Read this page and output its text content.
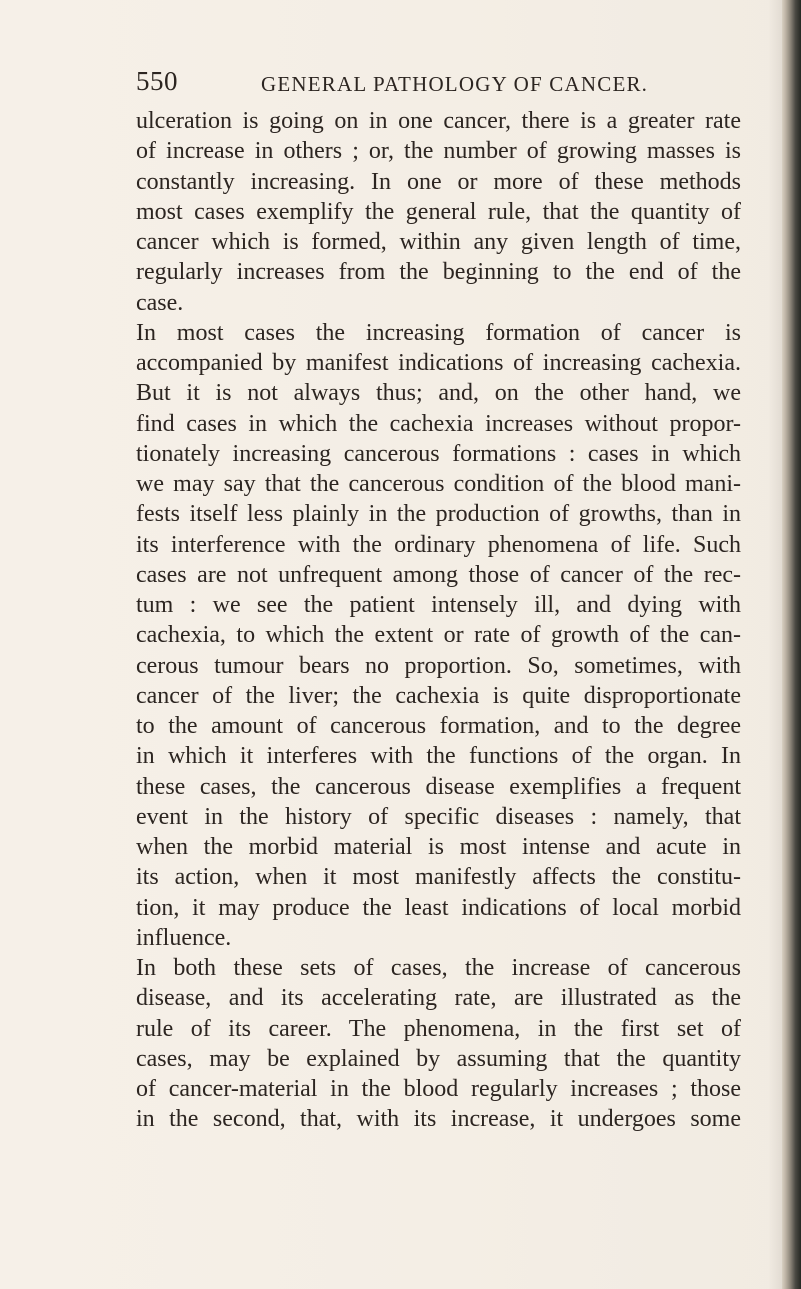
550	GENERAL PATHOLOGY OF CANCER.
ulceration is going on in one cancer, there is a greater rate
of increase in others ; or, the number of growing masses is
constantly increasing. In one or more of these methods
most cases exemplify the general rule, that the quantity of
cancer which is formed, within any given length of time,
regularly increases from the beginning to the end of the
case.
In most cases the increasing formation of cancer is
accompanied by manifest indications of increasing cachexia.
But it is not always thus; and, on the other hand, we
find cases in which the cachexia increases without propor-
tionately increasing cancerous formations : cases in which
we may say that the cancerous condition of the blood mani-
fests itself less plainly in the production of growths, than in
its interference with the ordinary phenomena of life. Such
cases are not unfrequent among those of cancer of the rec-
tum : we see the patient intensely ill, and dying with
cachexia, to which the extent or rate of growth of the can-
cerous tumour bears no proportion. So, sometimes, with
cancer of the liver; the cachexia is quite disproportionate
to the amount of cancerous formation, and to the degree
in which it interferes with the functions of the organ. In
these cases, the cancerous disease exemplifies a frequent
event in the history of specific diseases : namely, that
when the morbid material is most intense and acute in
its action, when it most manifestly affects the constitu-
tion, it may produce the least indications of local morbid
influence.
In both these sets of cases, the increase of cancerous
disease, and its accelerating rate, are illustrated as the
rule of its career. The phenomena, in the first set of
cases, may be explained by assuming that the quantity
of cancer-material in the blood regularly increases ; those
in the second, that, with its increase, it undergoes some
